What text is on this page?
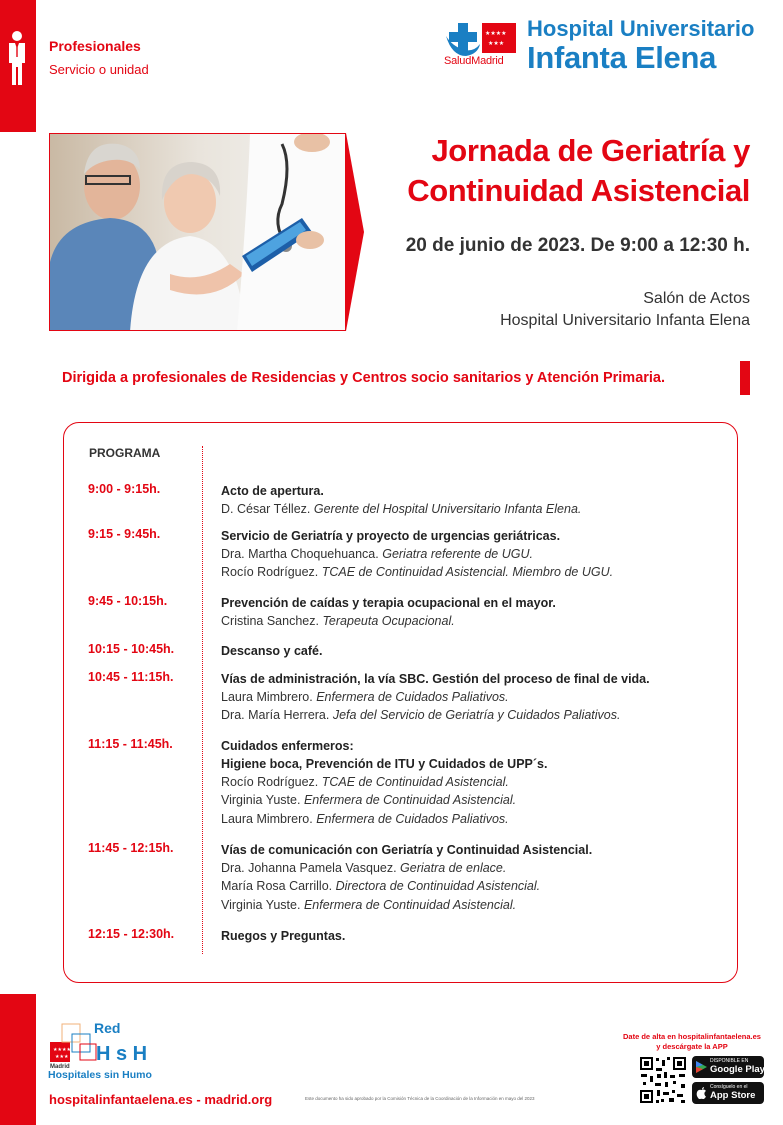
Profesionales
Servicio o unidad
★★★★
★★★
SaludMadrid
Hospital Universitario
Infanta Elena
Jornada de Geriatría y
Continuidad Asistencial
20 de junio de 2023. De 9:00 a 12:30 h.
Salón de Actos
Hospital Universitario Infanta Elena
Dirigida a profesionales de Residencias y Centros socio sanitarios y Atención Primaria.
PROGRAMA
9:00 - 9:15h.	Acto de apertura.
D. César Téllez. Gerente del Hospital Universitario Infanta Elena.
9:15 - 9:45h.	Servicio de Geriatría y proyecto de urgencias geriátricas.
Dra. Martha Choquehuanca. Geriatra referente de UGU.
Rocío Rodríguez. TCAE de Continuidad Asistencial. Miembro de UGU.
9:45 - 10:15h.	Prevención de caídas y terapia ocupacional en el mayor.
Cristina Sanchez. Terapeuta Ocupacional.
10:15 - 10:45h.	Descanso y café.
10:45 - 11:15h.	Vías de administración, la vía SBC. Gestión del proceso de final de vida.
Laura Mimbrero. Enfermera de Cuidados Paliativos.
Dra. María Herrera. Jefa del Servicio de Geriatría y Cuidados Paliativos.
11:15 - 11:45h.	Cuidados enfermeros:
Higiene boca, Prevención de ITU y Cuidados de UPP´s.
Rocío Rodríguez. TCAE de Continuidad Asistencial.
Virginia Yuste. Enfermera de Continuidad Asistencial.
Laura Mimbrero. Enfermera de Cuidados Paliativos.
11:45 - 12:15h.	Vías de comunicación con Geriatría y Continuidad Asistencial.
Dra. Johanna Pamela Vasquez. Geriatra de enlace.
María Rosa Carrillo. Directora de Continuidad Asistencial.
Virginia Yuste. Enfermera de Continuidad Asistencial.
12:15 - 12:30h.	Ruegos y Preguntas.
★★★★
★★★
Red
H s H
Madrid
Hospitales sin Humo
hospitalinfantaelena.es - madrid.org	Este documento ha sido aprobado por la Comisión Técnica de la Coordinación de la Información en mayo del 2023
Date de alta en hospitalinfantaelena.es
y descárgate la APP
DISPONIBLE EN
Google Play
Consíguelo en el
App Store
